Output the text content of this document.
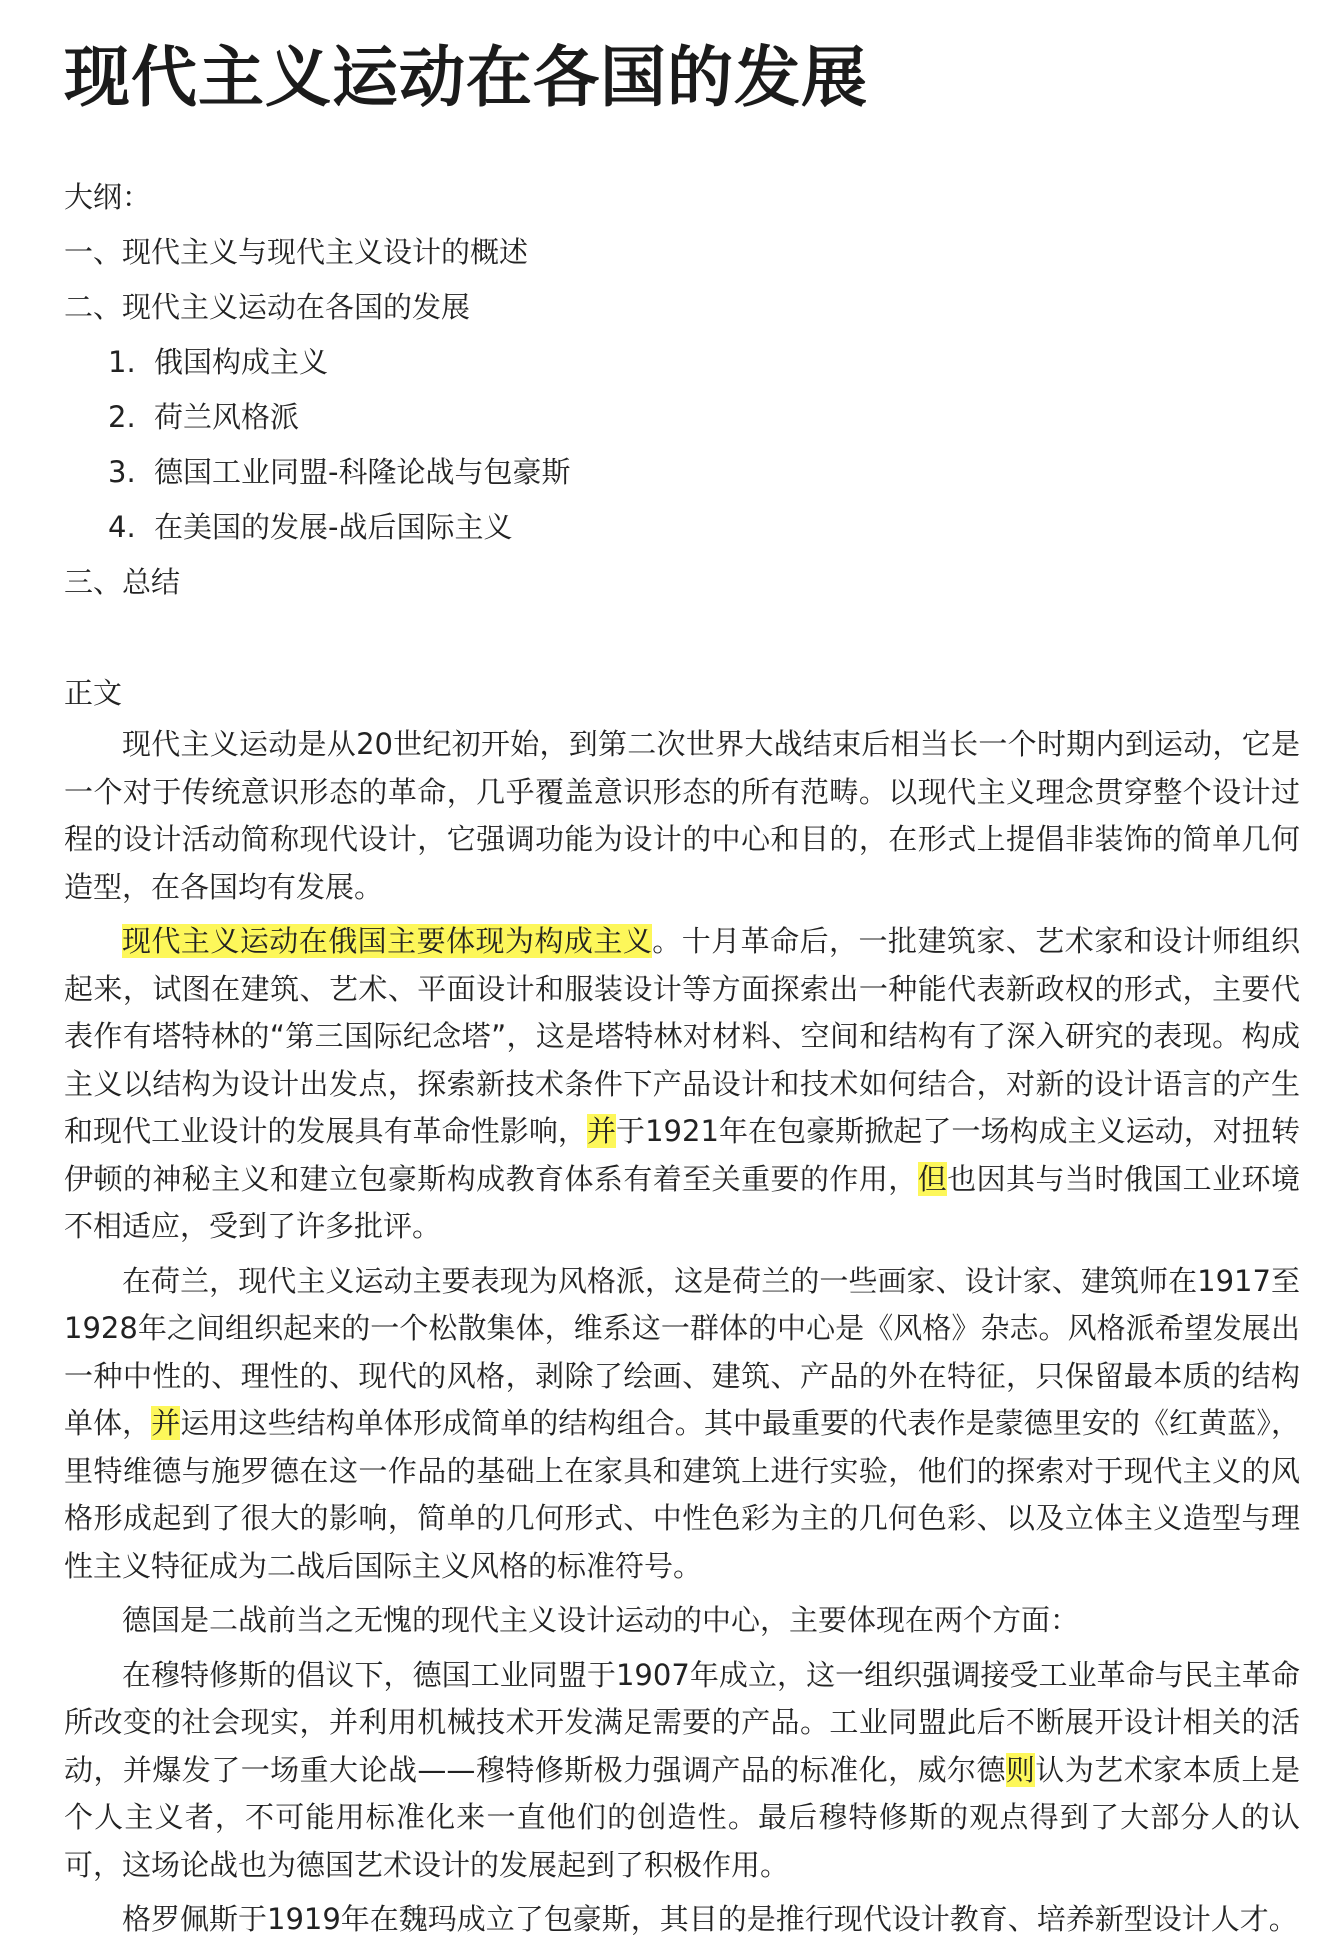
现代主义运动在各国的发展
大纲：
一、现代主义与现代主义设计的概述
二、现代主义运动在各国的发展
1. 俄国构成主义
2. 荷兰风格派
3. 德国工业同盟-科隆论战与包豪斯
4. 在美国的发展-战后国际主义
三、总结
正文

现代主义运动是从20世纪初开始，到第二次世界大战结束后相当长一个时期内到运动，它是一个对于传统意识形态的革命，几乎覆盖意识形态的所有范畴。以现代主义理念贯穿整个设计过程的设计活动简称现代设计，它强调功能为设计的中心和目的，在形式上提倡非装饰的简单几何造型，在各国均有发展。

现代主义运动在俄国主要体现为构成主义。十月革命后，一批建筑家、艺术家和设计师组织起来，试图在建筑、艺术、平面设计和服装设计等方面探索出一种能代表新政权的形式，主要代表作有塔特林的“第三国际纪念塔”，这是塔特林对材料、空间和结构有了深入研究的表现。构成主义以结构为设计出发点，探索新技术条件下产品设计和技术如何结合，对新的设计语言的产生和现代工业设计的发展具有革命性影响，并于1921年在包豪斯掀起了一场构成主义运动，对扭转伊顿的神秘主义和建立包豪斯构成教育体系有着至关重要的作用，但也因其与当时俄国工业环境不相适应，受到了许多批评。

在荷兰，现代主义运动主要表现为风格派，这是荷兰的一些画家、设计家、建筑师在1917至1928年之间组织起来的一个松散集体，维系这一群体的中心是《风格》杂志。风格派希望发展出一种中性的、理性的、现代的风格，剥除了绘画、建筑、产品的外在特征，只保留最本质的结构单体，并运用这些结构单体形成简单的结构组合。其中最重要的代表作是蒙德里安的《红黄蓝》，里特维德与施罗德在这一作品的基础上在家具和建筑上进行实验，他们的探索对于现代主义的风格形成起到了很大的影响，简单的几何形式、中性色彩为主的几何色彩、以及立体主义造型与理性主义特征成为二战后国际主义风格的标准符号。

德国是二战前当之无愧的现代主义设计运动的中心，主要体现在两个方面：

在穆特修斯的倡议下，德国工业同盟于1907年成立，这一组织强调接受工业革命与民主革命所改变的社会现实，并利用机械技术开发满足需要的产品。工业同盟此后不断展开设计相关的活动，并爆发了一场重大论战——穆特修斯极力强调产品的标准化，威尔德则认为艺术家本质上是个人主义者，不可能用标准化来一直他们的创造性。最后穆特修斯的观点得到了大部分人的认可，这场论战也为德国艺术设计的发展起到了积极作用。

格罗佩斯于1919年在魏玛成立了包豪斯，其目的是推行现代设计教育、培养新型设计人才。
